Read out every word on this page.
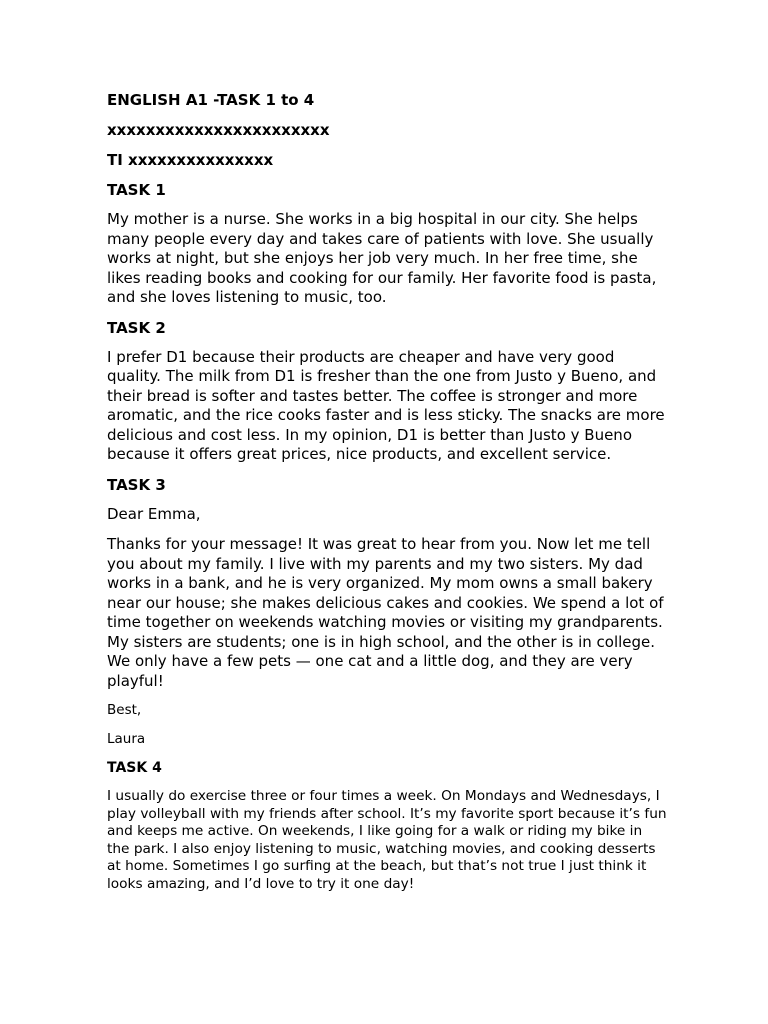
ENGLISH A1 -TASK 1 to 4
xxxxxxxxxxxxxxxxxxxxxxx
TI xxxxxxxxxxxxxxx
TASK 1
My mother is a nurse. She works in a big hospital in our city. She helps many people every day and takes care of patients with love. She usually works at night, but she enjoys her job very much. In her free time, she likes reading books and cooking for our family. Her favorite food is pasta, and she loves listening to music, too.
TASK 2
I prefer D1 because their products are cheaper and have very good quality. The milk from D1 is fresher than the one from Justo y Bueno, and their bread is softer and tastes better. The coffee is stronger and more aromatic, and the rice cooks faster and is less sticky. The snacks are more delicious and cost less. In my opinion, D1 is better than Justo y Bueno because it offers great prices, nice products, and excellent service.
TASK 3
Dear Emma,
Thanks for your message! It was great to hear from you. Now let me tell you about my family. I live with my parents and my two sisters. My dad works in a bank, and he is very organized. My mom owns a small bakery near our house; she makes delicious cakes and cookies. We spend a lot of time together on weekends watching movies or visiting my grandparents. My sisters are students; one is in high school, and the other is in college. We only have a few pets — one cat and a little dog, and they are very playful!
Best,
Laura
TASK 4
I usually do exercise three or four times a week. On Mondays and Wednesdays, I play volleyball with my friends after school. It’s my favorite sport because it’s fun and keeps me active. On weekends, I like going for a walk or riding my bike in the park. I also enjoy listening to music, watching movies, and cooking desserts at home. Sometimes I go surfing at the beach, but that’s not true I just think it looks amazing, and I’d love to try it one day!
